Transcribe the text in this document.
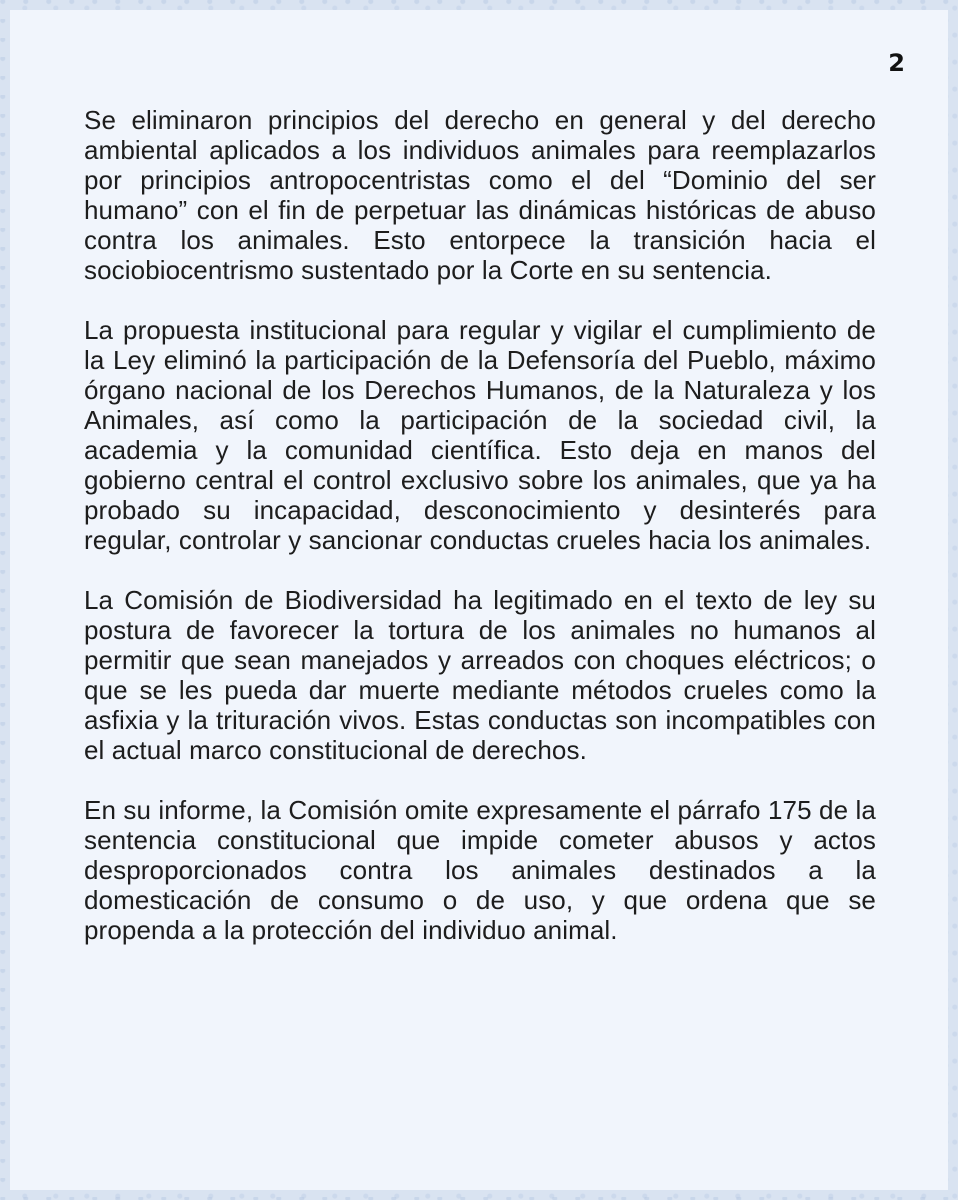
2

Se eliminaron principios del derecho en general y del derecho ambiental aplicados a los individuos animales para reemplazarlos por principios antropocentristas como el del “Dominio del ser humano” con el fin de perpetuar las dinámicas históricas de abuso contra los animales. Esto entorpece la transición hacia el sociobiocentrismo sustentado por la Corte en su sentencia.

La propuesta institucional para regular y vigilar el cumplimiento de la Ley eliminó la participación de la Defensoría del Pueblo, máximo órgano nacional de los Derechos Humanos, de la Naturaleza y los Animales, así como la participación de la sociedad civil, la academia y la comunidad científica. Esto deja en manos del gobierno central el control exclusivo sobre los animales, que ya ha probado su incapacidad, desconocimiento y desinterés para regular, controlar y sancionar conductas crueles hacia los animales.

La Comisión de Biodiversidad ha legitimado en el texto de ley su postura de favorecer la tortura de los animales no humanos al permitir que sean manejados y arreados con choques eléctricos; o que se les pueda dar muerte mediante métodos crueles como la asfixia y la trituración vivos. Estas conductas son incompatibles con el actual marco constitucional de derechos.

En su informe, la Comisión omite expresamente el párrafo 175 de la sentencia constitucional que impide cometer abusos y actos desproporcionados contra los animales destinados a la domesticación de consumo o de uso, y que ordena que se propenda a la protección del individuo animal.
